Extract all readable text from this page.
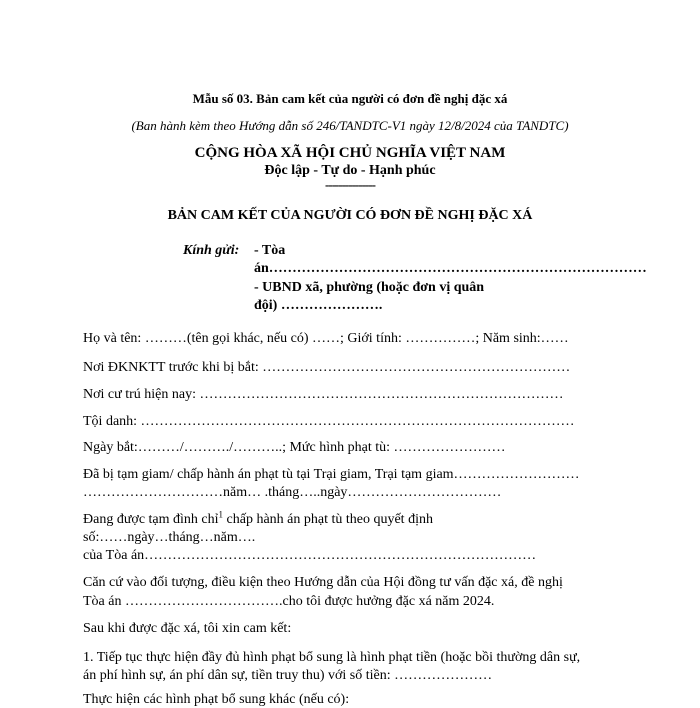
Mẫu số 03. Bản cam kết của người có đơn đề nghị đặc xá
(Ban hành kèm theo Hướng dẫn số 246/TANDTC-V1 ngày 12/8/2024 của TANDTC)
CỘNG HÒA XÃ HỘI CHỦ NGHĨA VIỆT NAM
Độc lập - Tự do - Hạnh phúc
---------------
BẢN CAM KẾT CỦA NGƯỜI CÓ ĐƠN ĐỀ NGHỊ ĐẶC XÁ
Kính gửi: - Tòa
án………………………………………………………………………
- UBND xã, phường (hoặc đơn vị quân
đội) ………………….
Họ và tên: ………(tên gọi khác, nếu có) ……; Giới tính: ……………; Năm sinh:……
Nơi ĐKNKTT trước khi bị bắt: …………………………………………………………
Nơi cư trú hiện nay: ……………………………………………………………………
Tội danh: …………………………………………………………………………………
Ngày bắt:………/………./………..; Mức hình phạt tù: ……………………
Đã bị tạm giam/ chấp hành án phạt tù tại Trại giam, Trại tạm giam………………………
…………………………năm… .tháng…..ngày……………………………
Đang được tạm đình chỉ$^1$ chấp hành án phạt tù theo quyết định
số:……ngày…tháng…năm….
của Tòa án…………………………………………………………………………
Căn cứ vào đối tượng, điều kiện theo Hướng dẫn của Hội đồng tư vấn đặc xá, đề nghị
Tòa án …………………………….cho tôi được hưởng đặc xá năm 2024.
Sau khi được đặc xá, tôi xin cam kết:
1. Tiếp tục thực hiện đầy đủ hình phạt bổ sung là hình phạt tiền (hoặc bồi thường dân sự,
án phí hình sự, án phí dân sự, tiền truy thu) với số tiền: …………………
Thực hiện các hình phạt bổ sung khác (nếu có):
